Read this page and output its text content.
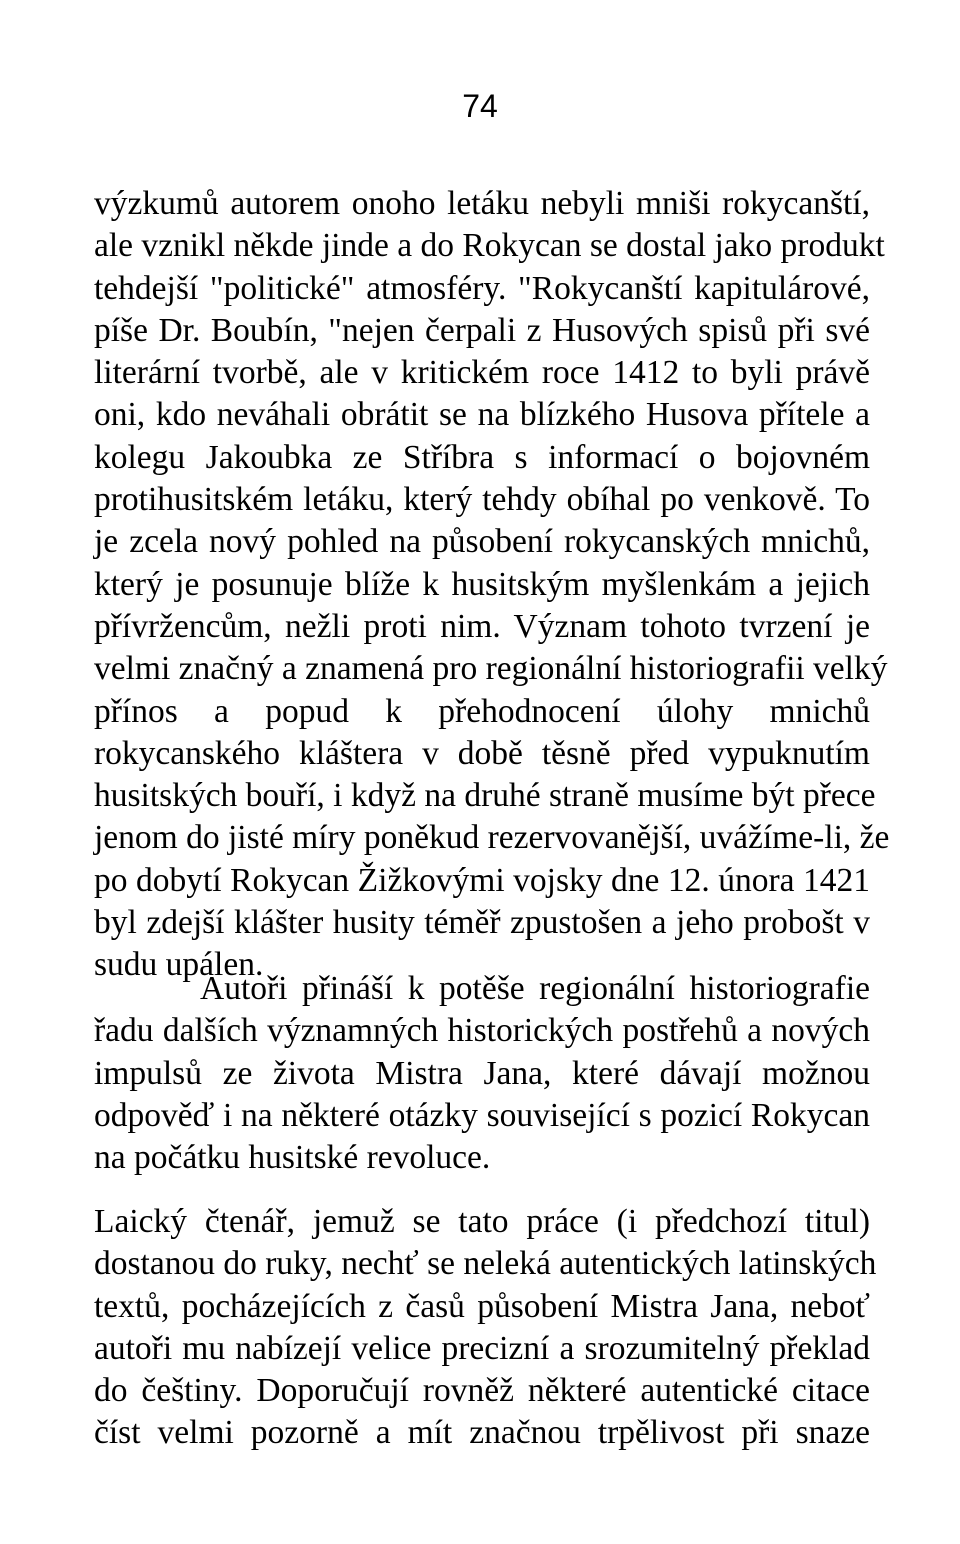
74
výzkumů autorem onoho letáku nebyli mniši rokycanští,
ale vznikl někde jinde a do Rokycan se dostal jako produkt
tehdejší "politické" atmosféry. "Rokycanští kapitulárové,
píše Dr. Boubín, "nejen čerpali z Husových spisů při své
literární tvorbě, ale v kritickém roce 1412 to byli právě
oni, kdo neváhali obrátit se na blízkého Husova přítele a
kolegu Jakoubka ze Stříbra s informací o bojovném
protihusitském letáku, který tehdy obíhal po venkově. To
je zcela nový pohled na působení rokycanských mnichů,
který je posunuje blíže k husitským myšlenkám a jejich
přívržencům, nežli proti nim. Význam tohoto tvrzení je
velmi značný a znamená pro regionální historiografii velký
přínos a popud k přehodnocení úlohy mnichů
rokycanského kláštera v době těsně před vypuknutím
husitských bouří, i když na druhé straně musíme být přece
jenom do jisté míry poněkud rezervovanější, uvážíme-li, že
po dobytí Rokycan Žižkovými vojsky dne 12. února 1421
byl zdejší klášter husity téměř zpustošen a jeho probošt v
sudu upálen.
Autoři přináší k potěše regionální historiografie
řadu dalších významných historických postřehů a nových
impulsů ze života Mistra Jana, které dávají možnou
odpověď i na některé otázky související s pozicí Rokycan
na počátku husitské revoluce.
Laický čtenář, jemuž se tato práce (i předchozí titul)
dostanou do ruky, nechť se neleká autentických latinských
textů, pocházejících z časů působení Mistra Jana, neboť
autoři mu nabízejí velice precizní a srozumitelný překlad
do češtiny. Doporučují rovněž některé autentické citace
číst velmi pozorně a mít značnou trpělivost při snaze
